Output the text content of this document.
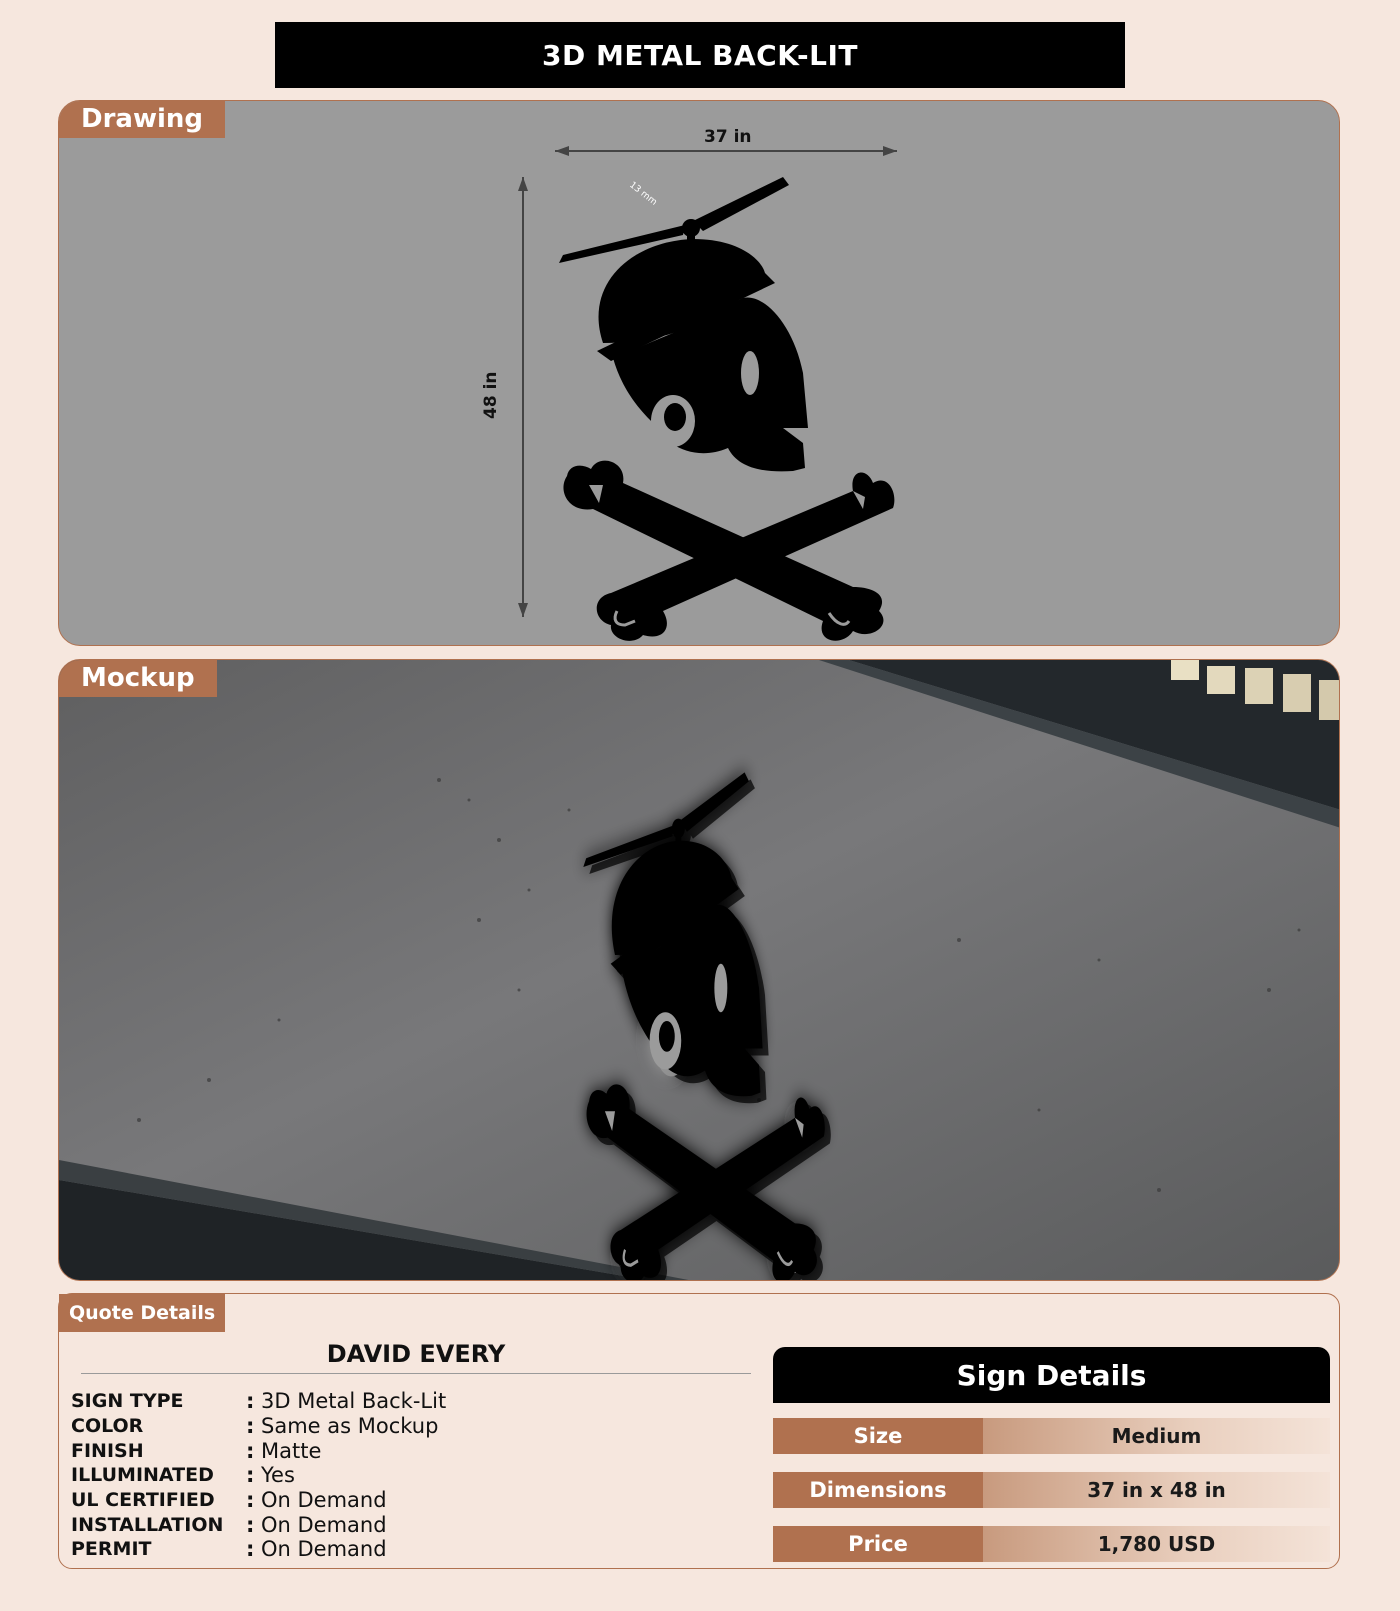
3D METAL BACK-LIT
Drawing
37 in
48 in
13 mm
Mockup
Quote Details
DAVID EVERY
SIGN TYPE	: 3D Metal Back-Lit
COLOR	: Same as Mockup
FINISH	: Matte
ILLUMINATED	: Yes
UL CERTIFIED	: On Demand
INSTALLATION	: On Demand
PERMIT	: On Demand
Sign Details
Size	Medium
Dimensions	37 in x 48 in
Price	1,780 USD
